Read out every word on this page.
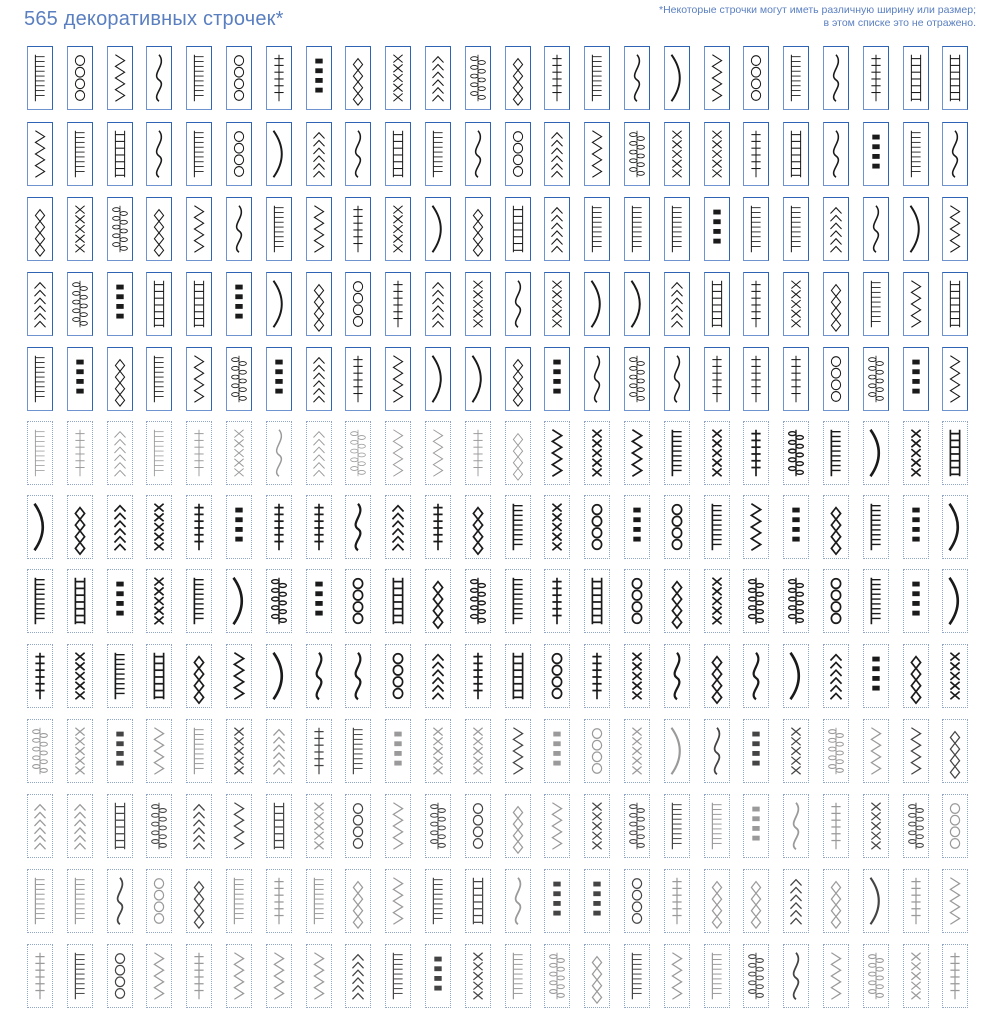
565 декоративных строчек*	*Некоторые строчки могут иметь различную ширину или размер;
в этом списке это не отражено.
